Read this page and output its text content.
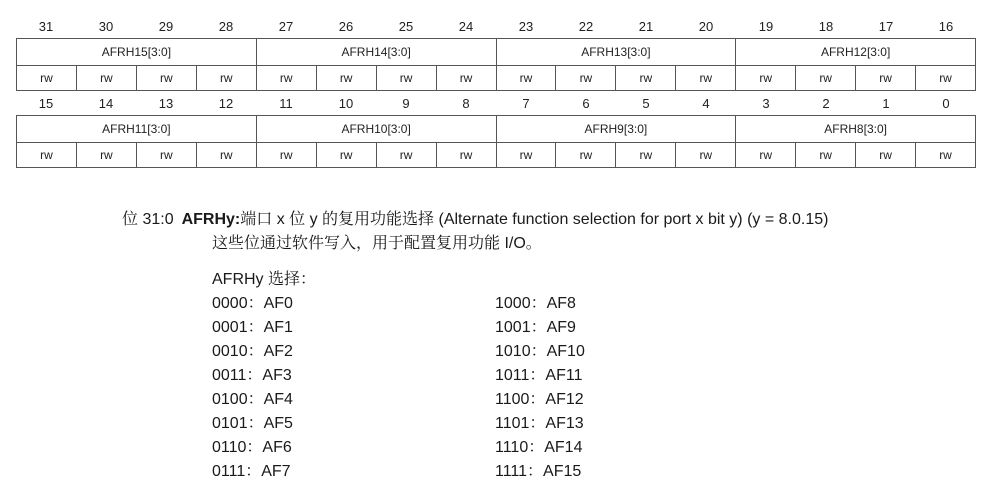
31	30	29	28	27	26	25	24	23	22	21	20	19	18	17	16
AFRH15[3:0]				AFRH14[3:0]				AFRH13[3:0]				AFRH12[3:0]			
rw	rw	rw	rw	rw	rw	rw	rw	rw	rw	rw	rw	rw	rw	rw	rw
15	14	13	12	11	10	9	8	7	6	5	4	3	2	1	0
AFRH11[3:0]				AFRH10[3:0]				AFRH9[3:0]				AFRH8[3:0]			
rw	rw	rw	rw	rw	rw	rw	rw	rw	rw	rw	rw	rw	rw	rw	rw
位 31:0 AFRHy:端口 x 位 y 的复用功能选择 (Alternate function selection for port x bit y) (y = 8.0.15)
这些位通过软件写入，用于配置复用功能 I/O。
AFRHy 选择：
0000：AF0	1000：AF8
0001：AF1	1001：AF9
0010：AF2	1010：AF10
0011：AF3	1011：AF11
0100：AF4	1100：AF12
0101：AF5	1101：AF13
0110：AF6	1110：AF14
0111：AF7	1111：AF15
